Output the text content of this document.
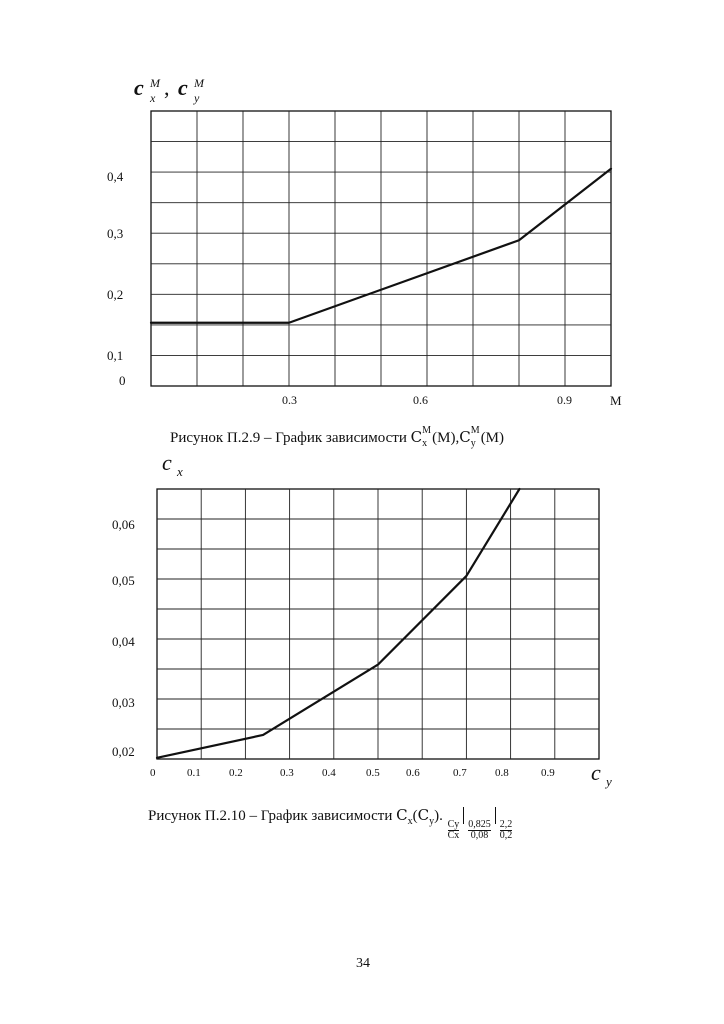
c M
x , c M
y
0
0,1
0,2
0,3
0,4
0.3	0.6	0.9	M
c x
0,02
0,03
0,04
0,05
0,06
0	0.1	0.2	0.3	0.4	0.5 0.6	0.7	0.8	0.9 c y
Рисунок П.2.9 – График зависимости C M
x (M),C M
y (M)
Рисунок П.2.10 – График зависимости $C_x(C_y)$.
$\frac{Cy}{Cx} \frac{0,825}{0,08} \frac{2,2}{0,2}$
34
